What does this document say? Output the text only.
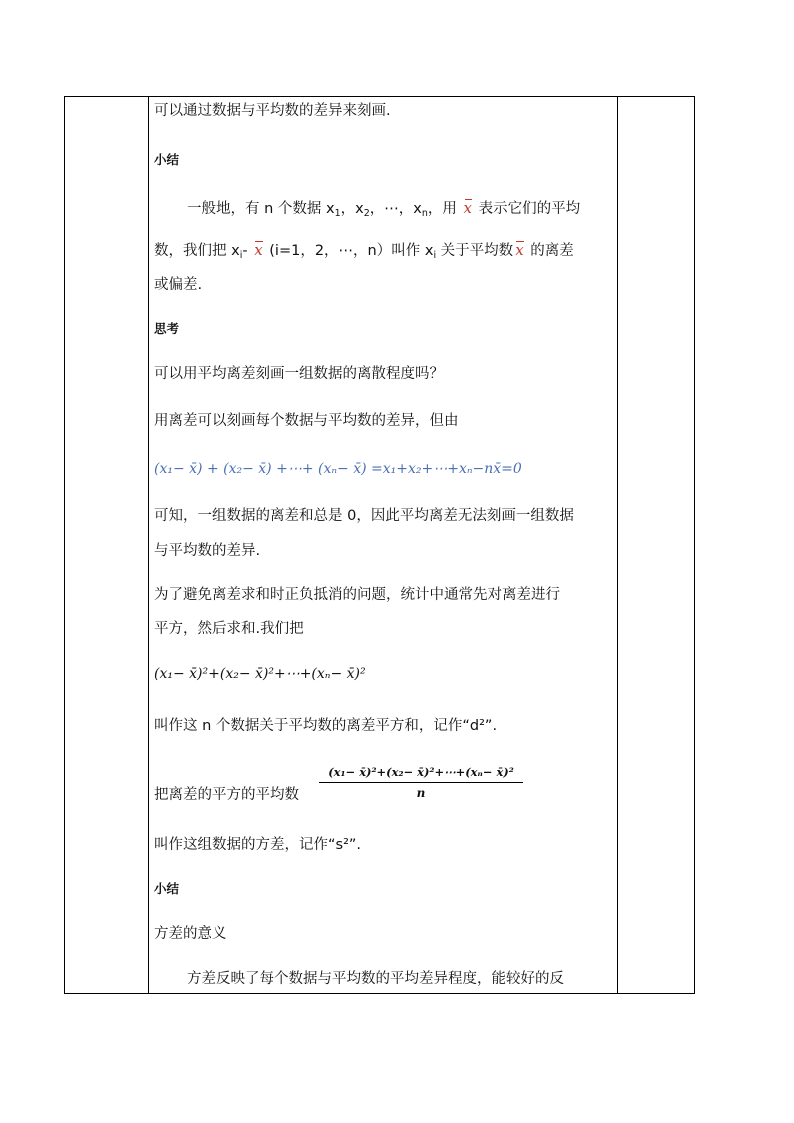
可以通过数据与平均数的差异来刻画.
小结
一般地，有 n 个数据 $x_1$，$x_2$，⋯，$x_n$，用 x 表示它们的平均
数，我们把 $x_i-$ x (i=1，2，⋯，n）叫作 $x_i$ 关于平均数 x 的离差
或偏差.
思考
可以用平均离差刻画一组数据的离散程度吗？
用离差可以刻画每个数据与平均数的差异，但由
(x₁− x̄) + (x₂− x̄) +⋯+ (xₙ− x̄) =x₁+x₂+⋯+xₙ−nx̄=0
可知，一组数据的离差和总是 0，因此平均离差无法刻画一组数据
与平均数的差异.
为了避免离差求和时正负抵消的问题，统计中通常先对离差进行
平方，然后求和.我们把
(x₁− x̄)²+(x₂− x̄)²+⋯+(xₙ− x̄)²
叫作这 n 个数据关于平均数的离差平方和，记作“d²”.
把离差的平方的平均数
(x₁− x̄)²+(x₂− x̄)²+⋯+(xₙ− x̄)²
n
叫作这组数据的方差，记作“s²”.
小结
方差的意义
方差反映了每个数据与平均数的平均差异程度，能较好的反
